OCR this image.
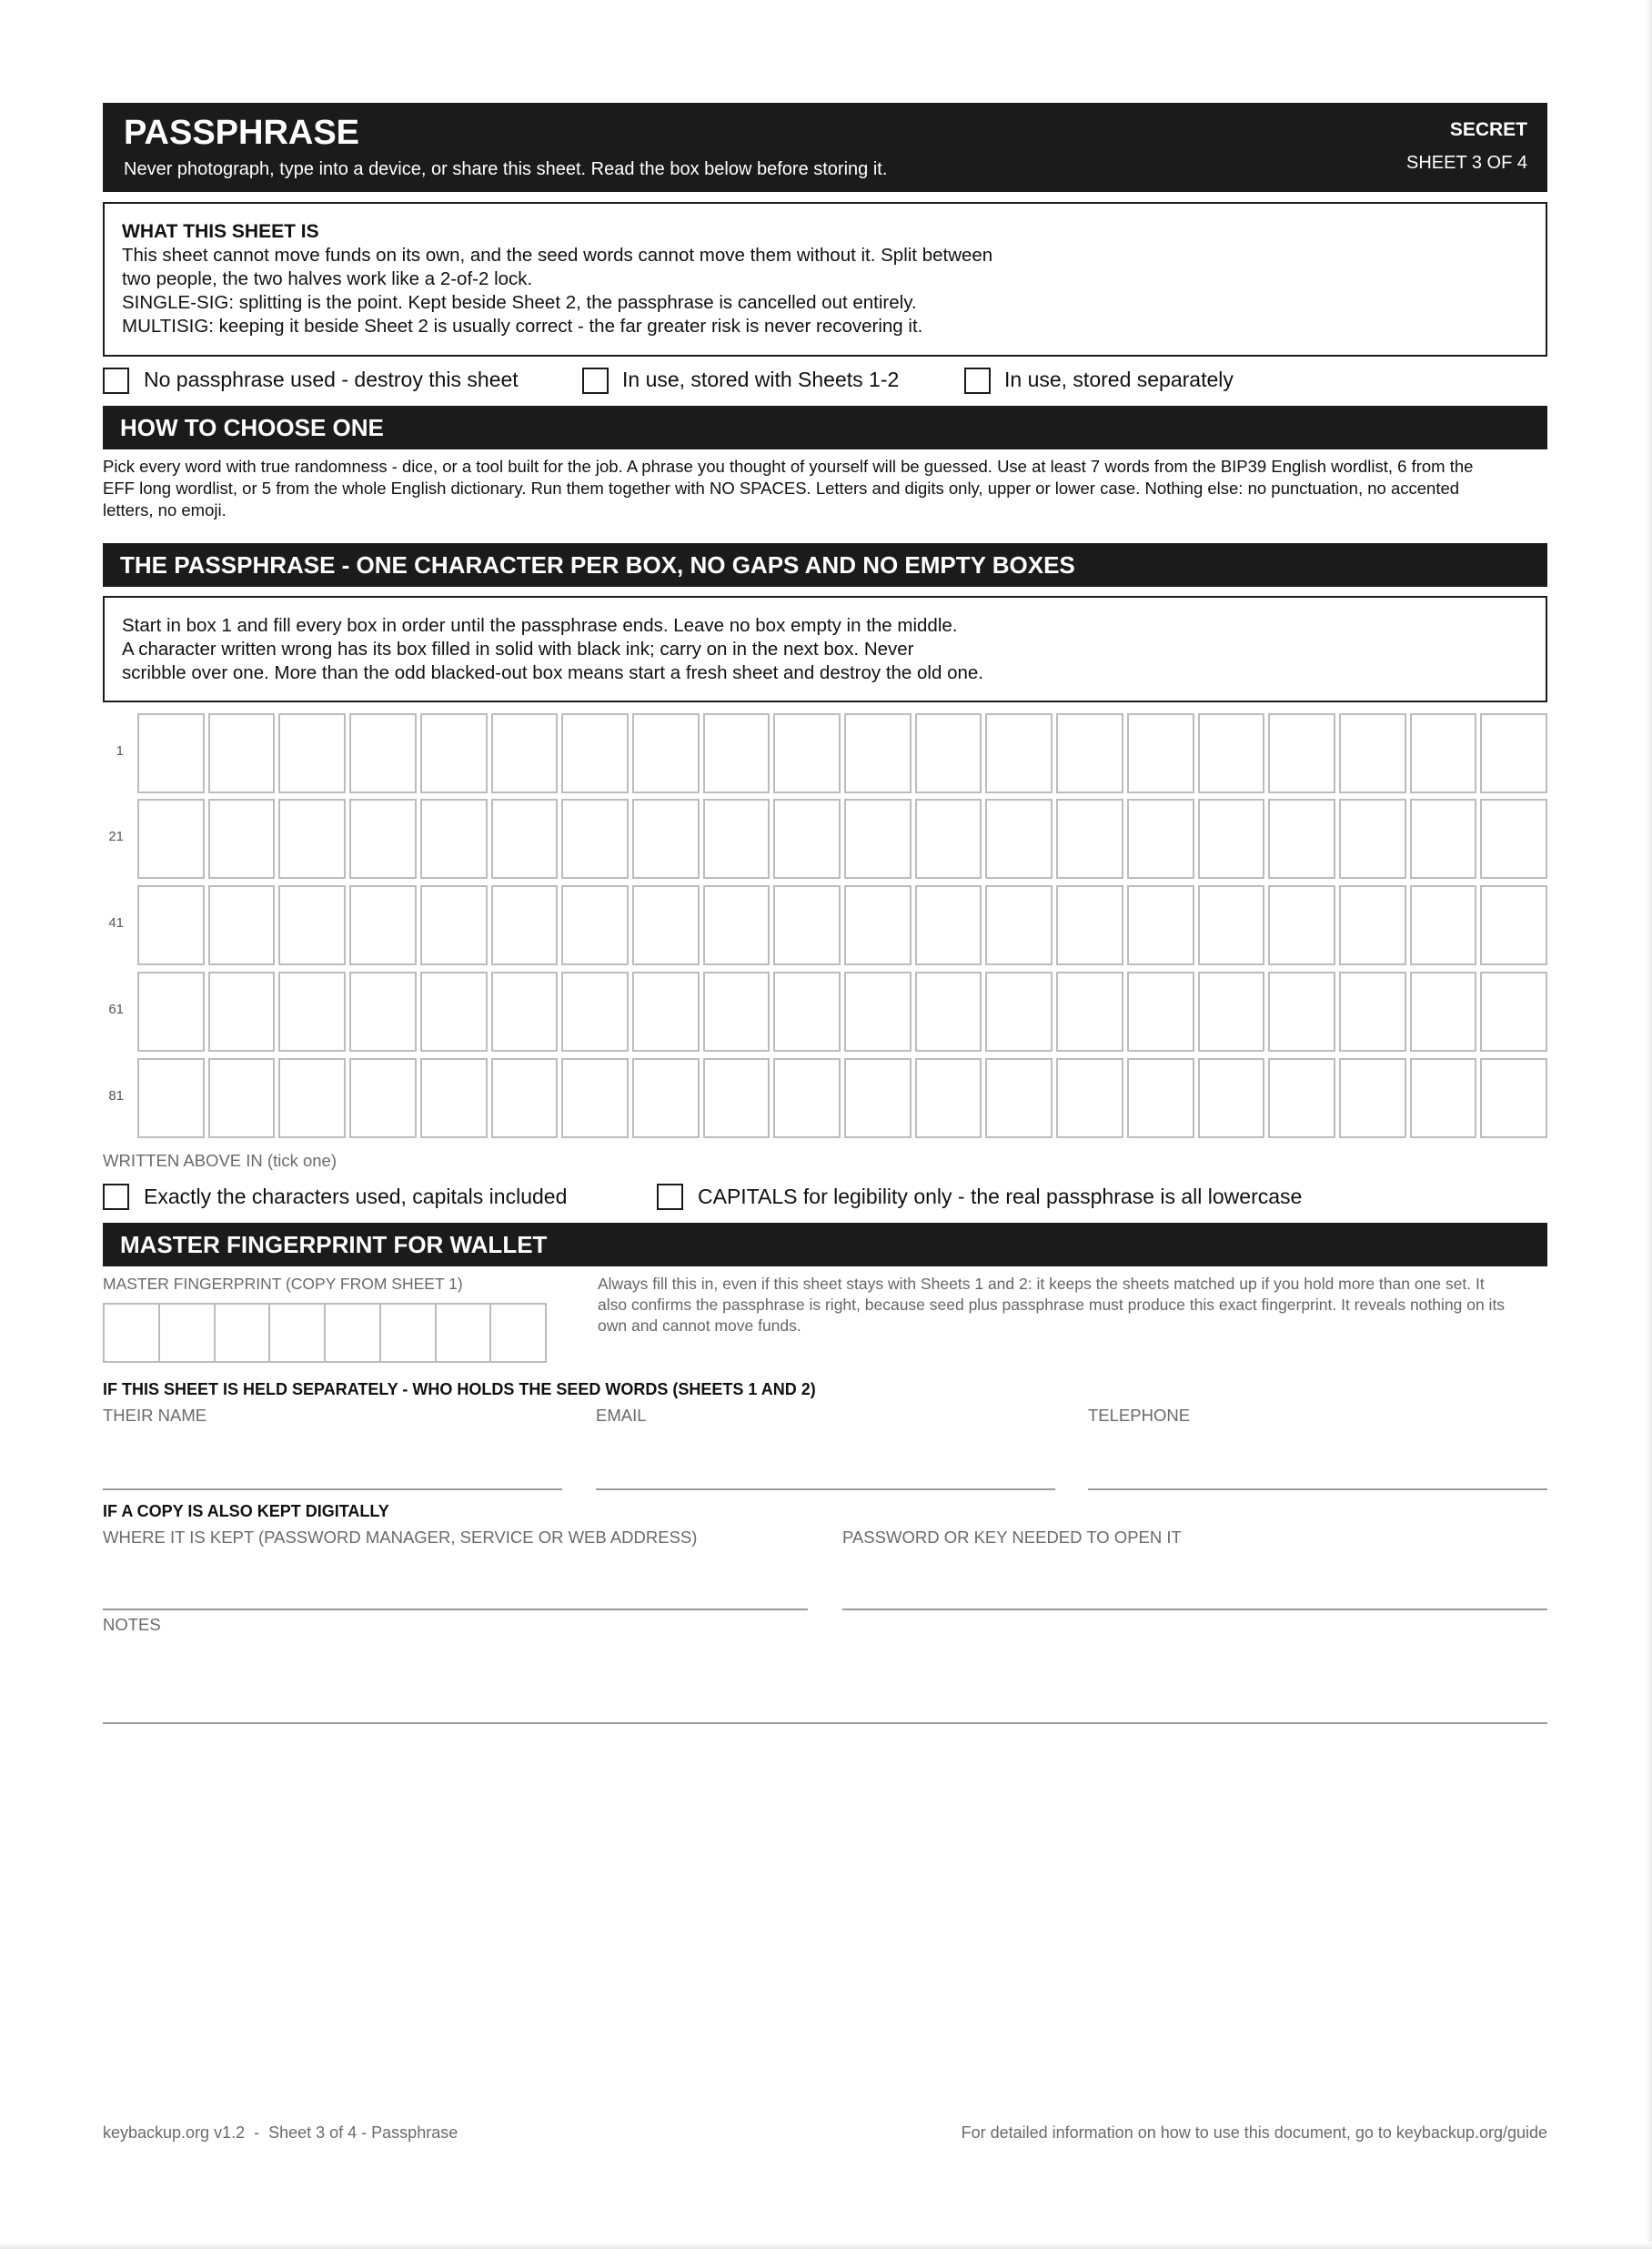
PASSPHRASE
Never photograph, type into a device, or share this sheet. Read the box below before storing it.
SECRET
SHEET 3 OF 4
WHAT THIS SHEET IS
This sheet cannot move funds on its own, and the seed words cannot move them without it. Split between
two people, the two halves work like a 2-of-2 lock.
SINGLE-SIG: splitting is the point. Kept beside Sheet 2, the passphrase is cancelled out entirely.
MULTISIG: keeping it beside Sheet 2 is usually correct - the far greater risk is never recovering it.
No passphrase used - destroy this sheet	In use, stored with Sheets 1-2	In use, stored separately
HOW TO CHOOSE ONE
Pick every word with true randomness - dice, or a tool built for the job. A phrase you thought of yourself will be guessed. Use at least 7 words from the BIP39 English wordlist, 6 from the
EFF long wordlist, or 5 from the whole English dictionary. Run them together with NO SPACES. Letters and digits only, upper or lower case. Nothing else: no punctuation, no accented
letters, no emoji.
THE PASSPHRASE - ONE CHARACTER PER BOX, NO GAPS AND NO EMPTY BOXES
Start in box 1 and fill every box in order until the passphrase ends. Leave no box empty in the middle.
A character written wrong has its box filled in solid with black ink; carry on in the next box. Never
scribble over one. More than the odd blacked-out box means start a fresh sheet and destroy the old one.
1
21
41
61
81
WRITTEN ABOVE IN (tick one)
Exactly the characters used, capitals included	CAPITALS for legibility only - the real passphrase is all lowercase
MASTER FINGERPRINT FOR WALLET
MASTER FINGERPRINT (COPY FROM SHEET 1)	Always fill this in, even if this sheet stays with Sheets 1 and 2: it keeps the sheets matched up if you hold more than one set. It
also confirms the passphrase is right, because seed plus passphrase must produce this exact fingerprint. It reveals nothing on its
own and cannot move funds.
IF THIS SHEET IS HELD SEPARATELY - WHO HOLDS THE SEED WORDS (SHEETS 1 AND 2)
THEIR NAME	EMAIL	TELEPHONE
IF A COPY IS ALSO KEPT DIGITALLY
WHERE IT IS KEPT (PASSWORD MANAGER, SERVICE OR WEB ADDRESS)	PASSWORD OR KEY NEEDED TO OPEN IT
NOTES
keybackup.org v1.2  -  Sheet 3 of 4 - Passphrase	For detailed information on how to use this document, go to keybackup.org/guide
